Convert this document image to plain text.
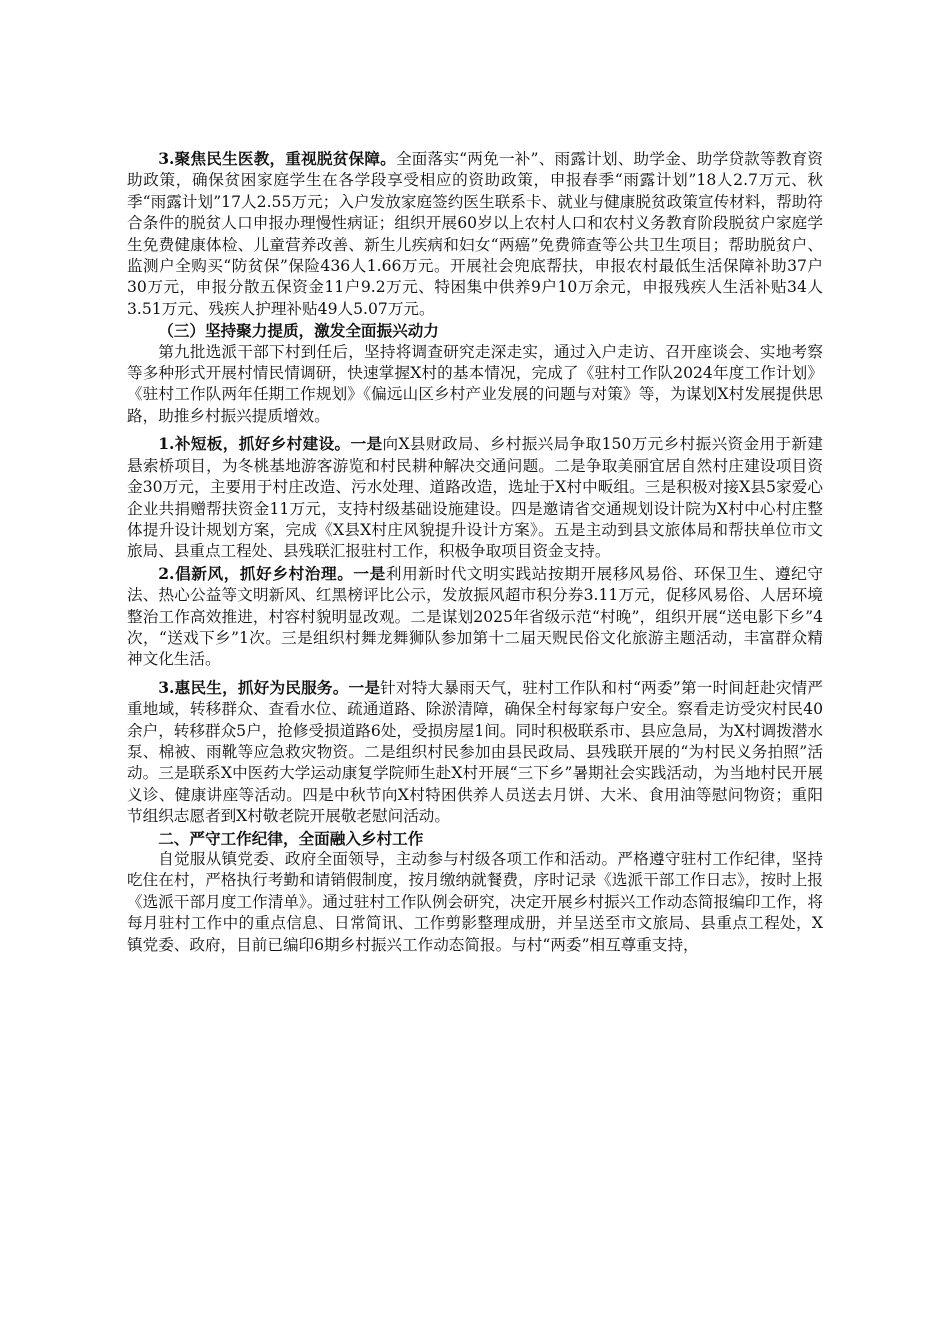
3.聚焦民生医教，重视脱贫保障。全面落实“两免一补”、雨露计划、助学金、助学贷款等教育资助政策，确保贫困家庭学生在各学段享受相应的资助政策，申报春季“雨露计划”18人2.7万元、秋季“雨露计划”17人2.55万元；入户发放家庭签约医生联系卡、就业与健康脱贫政策宣传材料，帮助符合条件的脱贫人口申报办理慢性病证；组织开展60岁以上农村人口和农村义务教育阶段脱贫户家庭学生免费健康体检、儿童营养改善、新生儿疾病和妇女“两癌”免费筛查等公共卫生项目；帮助脱贫户、监测户全购买“防贫保”保险436人1.66万元。开展社会兜底帮扶，申报农村最低生活保障补助37户30万元，申报分散五保资金11户9.2万元、特困集中供养9户10万余元，申报残疾人生活补贴34人3.51万元、残疾人护理补贴49人5.07万元。

（三）坚持聚力提质，激发全面振兴动力

第九批选派干部下村到任后，坚持将调查研究走深走实，通过入户走访、召开座谈会、实地考察等多种形式开展村情民情调研，快速掌握X村的基本情况，完成了《驻村工作队2024年度工作计划》《驻村工作队两年任期工作规划》《偏远山区乡村产业发展的问题与对策》等，为谋划X村发展提供思路，助推乡村振兴提质增效。

1.补短板，抓好乡村建设。一是向X县财政局、乡村振兴局争取150万元乡村振兴资金用于新建悬索桥项目，为冬桃基地游客游览和村民耕种解决交通问题。二是争取美丽宜居自然村庄建设项目资金30万元，主要用于村庄改造、污水处理、道路改造，选址于X村中畈组。三是积极对接X县5家爱心企业共捐赠帮扶资金11万元，支持村级基础设施建设。四是邀请省交通规划设计院为X村中心村庄整体提升设计规划方案，完成《X县X村庄风貌提升设计方案》。五是主动到县文旅体局和帮扶单位市文旅局、县重点工程处、县残联汇报驻村工作，积极争取项目资金支持。

2.倡新风，抓好乡村治理。一是利用新时代文明实践站按期开展移风易俗、环保卫生、遵纪守法、热心公益等文明新风、红黑榜评比公示，发放振风超市积分券3.11万元，促移风易俗、人居环境整治工作高效推进，村容村貌明显改观。二是谋划2025年省级示范“村晚”，组织开展“送电影下乡”4次，“送戏下乡”1次。三是组织村舞龙舞狮队参加第十二届天贶民俗文化旅游主题活动，丰富群众精神文化生活。

3.惠民生，抓好为民服务。一是针对特大暴雨天气，驻村工作队和村“两委”第一时间赶赴灾情严重地域，转移群众、查看水位、疏通道路、除淤清障，确保全村每家每户安全。察看走访受灾村民40余户，转移群众5户，抢修受损道路6处，受损房屋1间。同时积极联系市、县应急局，为X村调拨潜水泵、棉被、雨靴等应急救灾物资。二是组织村民参加由县民政局、县残联开展的“为村民义务拍照”活动。三是联系X中医药大学运动康复学院师生赴X村开展“三下乡”暑期社会实践活动，为当地村民开展义诊、健康讲座等活动。四是中秋节向X村特困供养人员送去月饼、大米、食用油等慰问物资；重阳节组织志愿者到X村敬老院开展敬老慰问活动。

二、严守工作纪律，全面融入乡村工作

自觉服从镇党委、政府全面领导，主动参与村级各项工作和活动。严格遵守驻村工作纪律，坚持吃住在村，严格执行考勤和请销假制度，按月缴纳就餐费，序时记录《选派干部工作日志》，按时上报《选派干部月度工作清单》。通过驻村工作队例会研究，决定开展乡村振兴工作动态简报编印工作，将每月驻村工作中的重点信息、日常简讯、工作剪影整理成册，并呈送至市文旅局、县重点工程处，X镇党委、政府，目前已编印6期乡村振兴工作动态简报。与村“两委”相互尊重支持，
